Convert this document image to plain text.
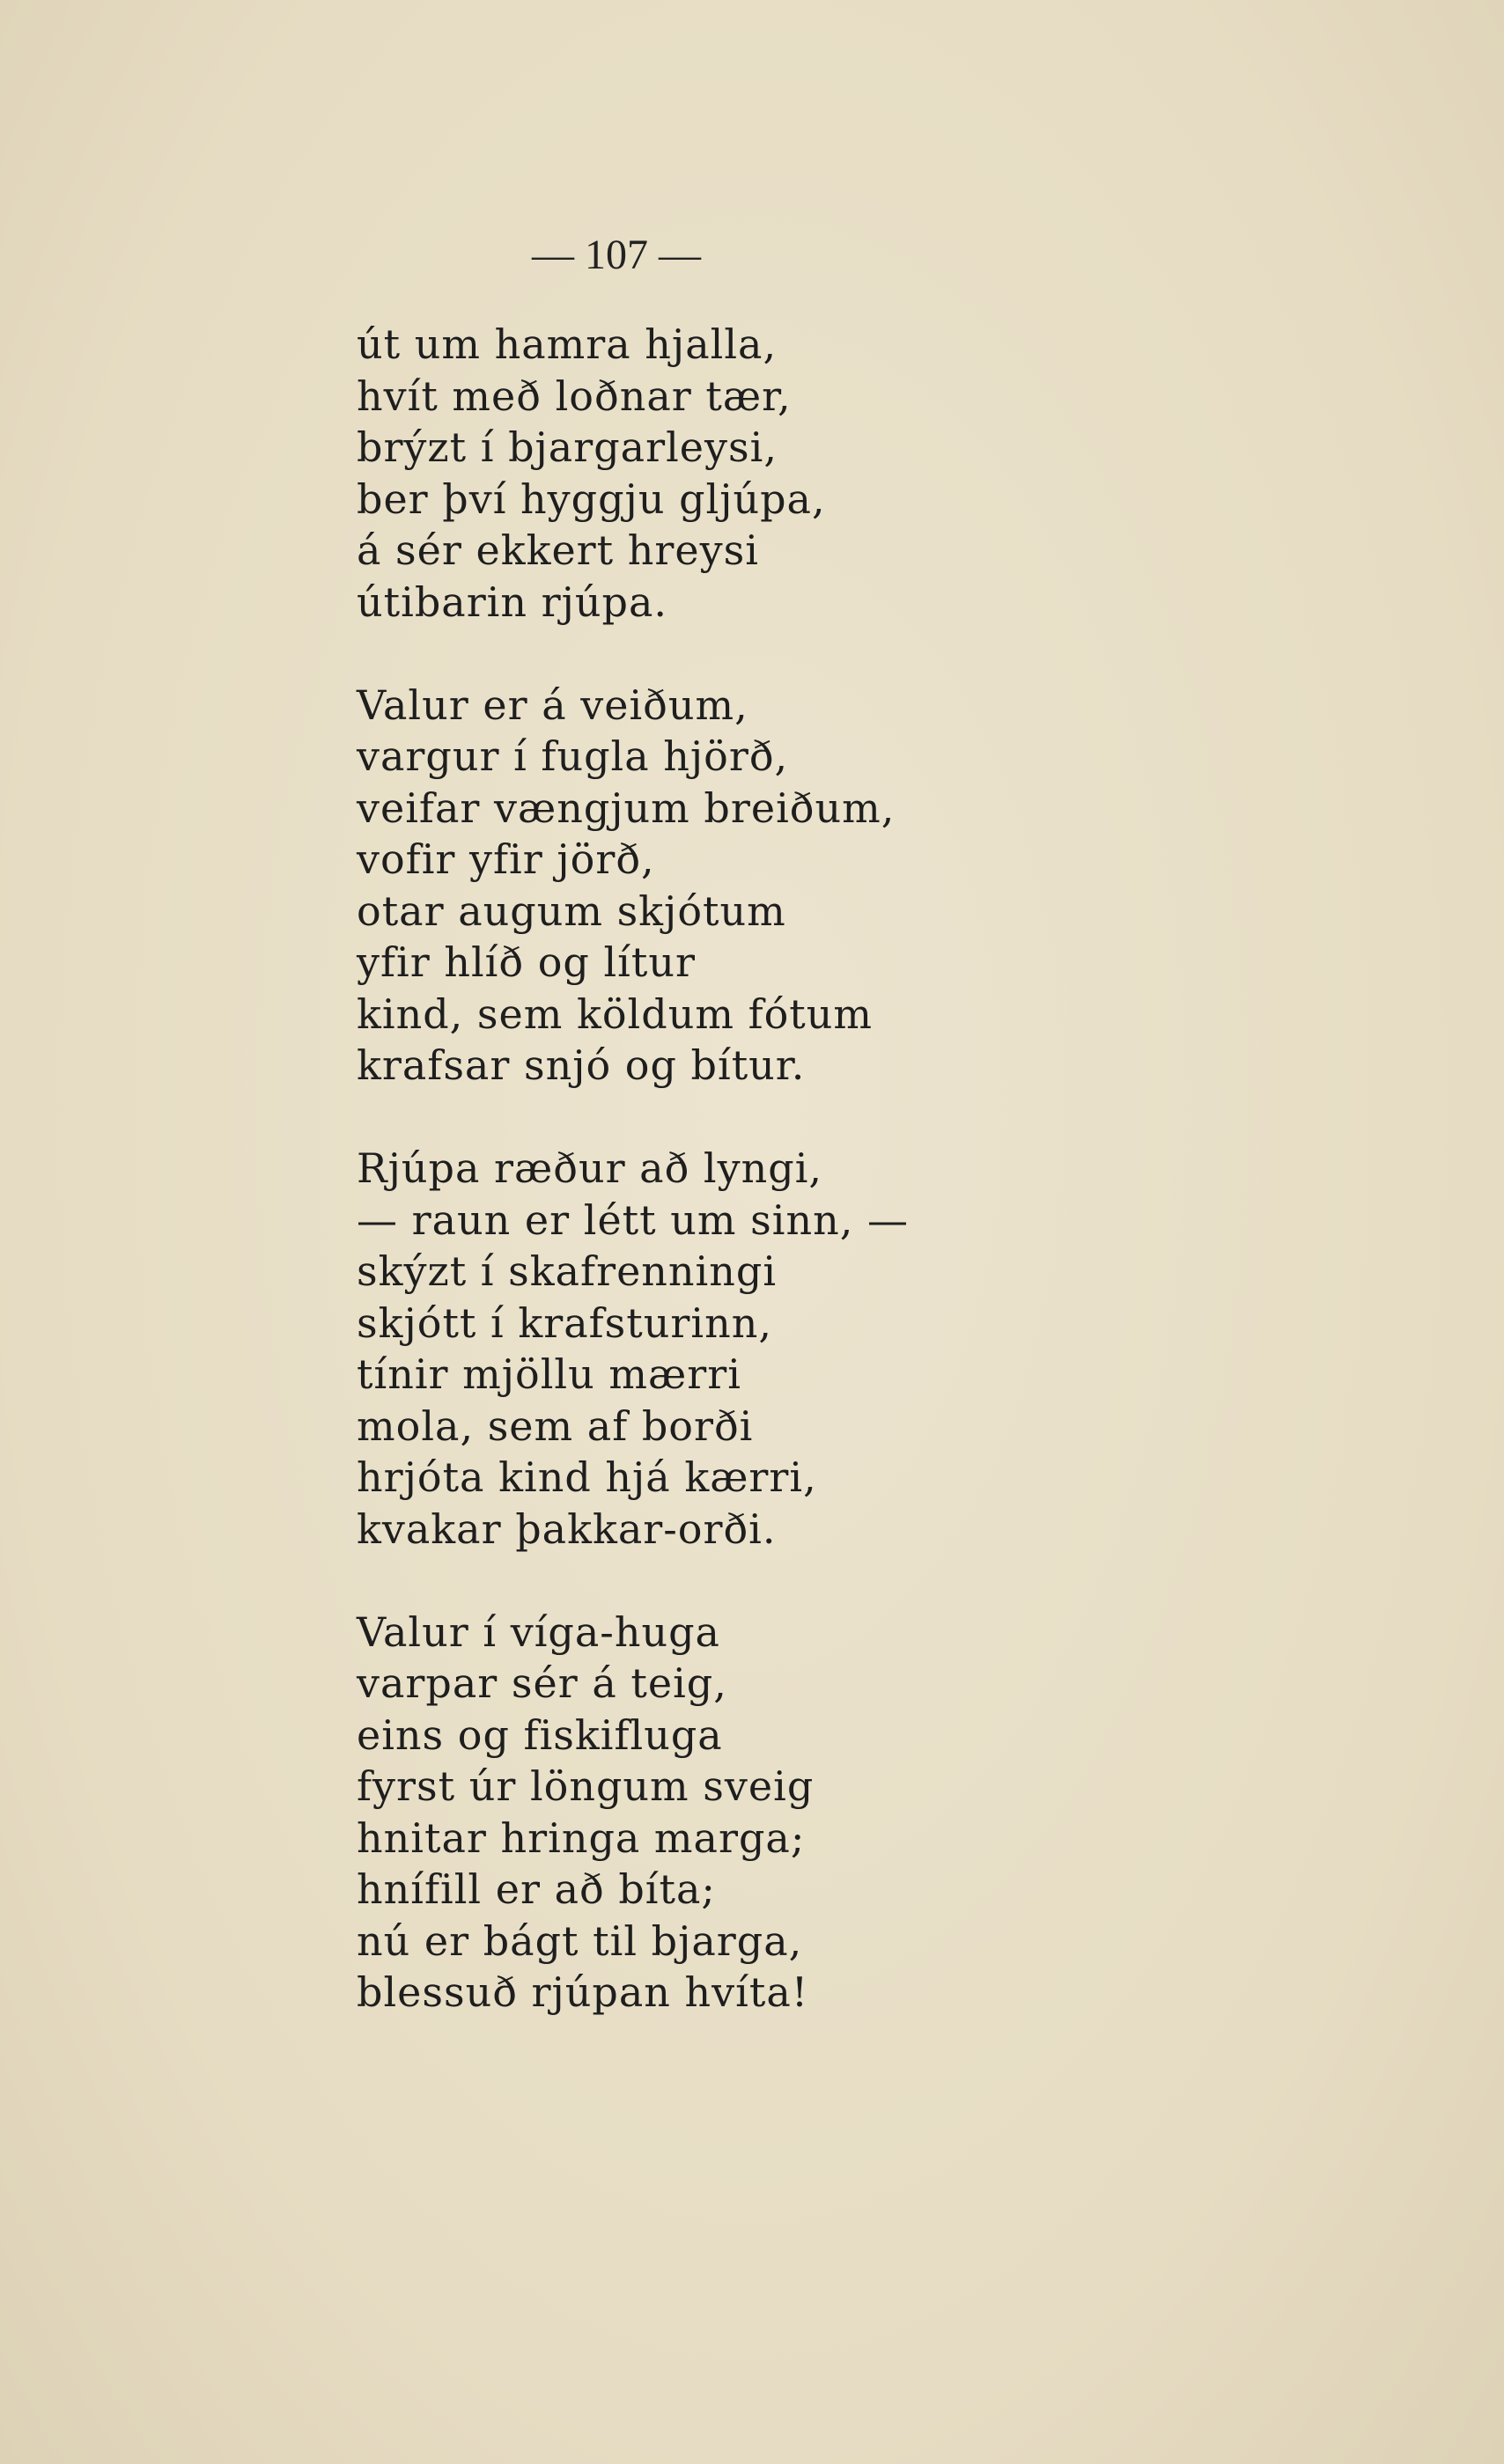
— 107 —
út um hamra hjalla,
hvít með loðnar tær,
brýzt í bjargarleysi,
ber því hyggju gljúpa,
á sér ekkert hreysi
útibarin rjúpa.
Valur er á veiðum,
vargur í fugla hjörð,
veifar vængjum breiðum,
vofir yfir jörð,
otar augum skjótum
yfir hlíð og lítur
kind, sem köldum fótum
krafsar snjó og bítur.
Rjúpa ræður að lyngi,
— raun er létt um sinn, —
skýzt í skafrenningi
skjótt í krafsturinn,
tínir mjöllu mærri
mola, sem af borði
hrjóta kind hjá kærri,
kvakar þakkar-orði.
Valur í víga-huga
varpar sér á teig,
eins og fiskifluga
fyrst úr löngum sveig
hnitar hringa marga;
hnífill er að bíta;
nú er bágt til bjarga,
blessuð rjúpan hvíta!
